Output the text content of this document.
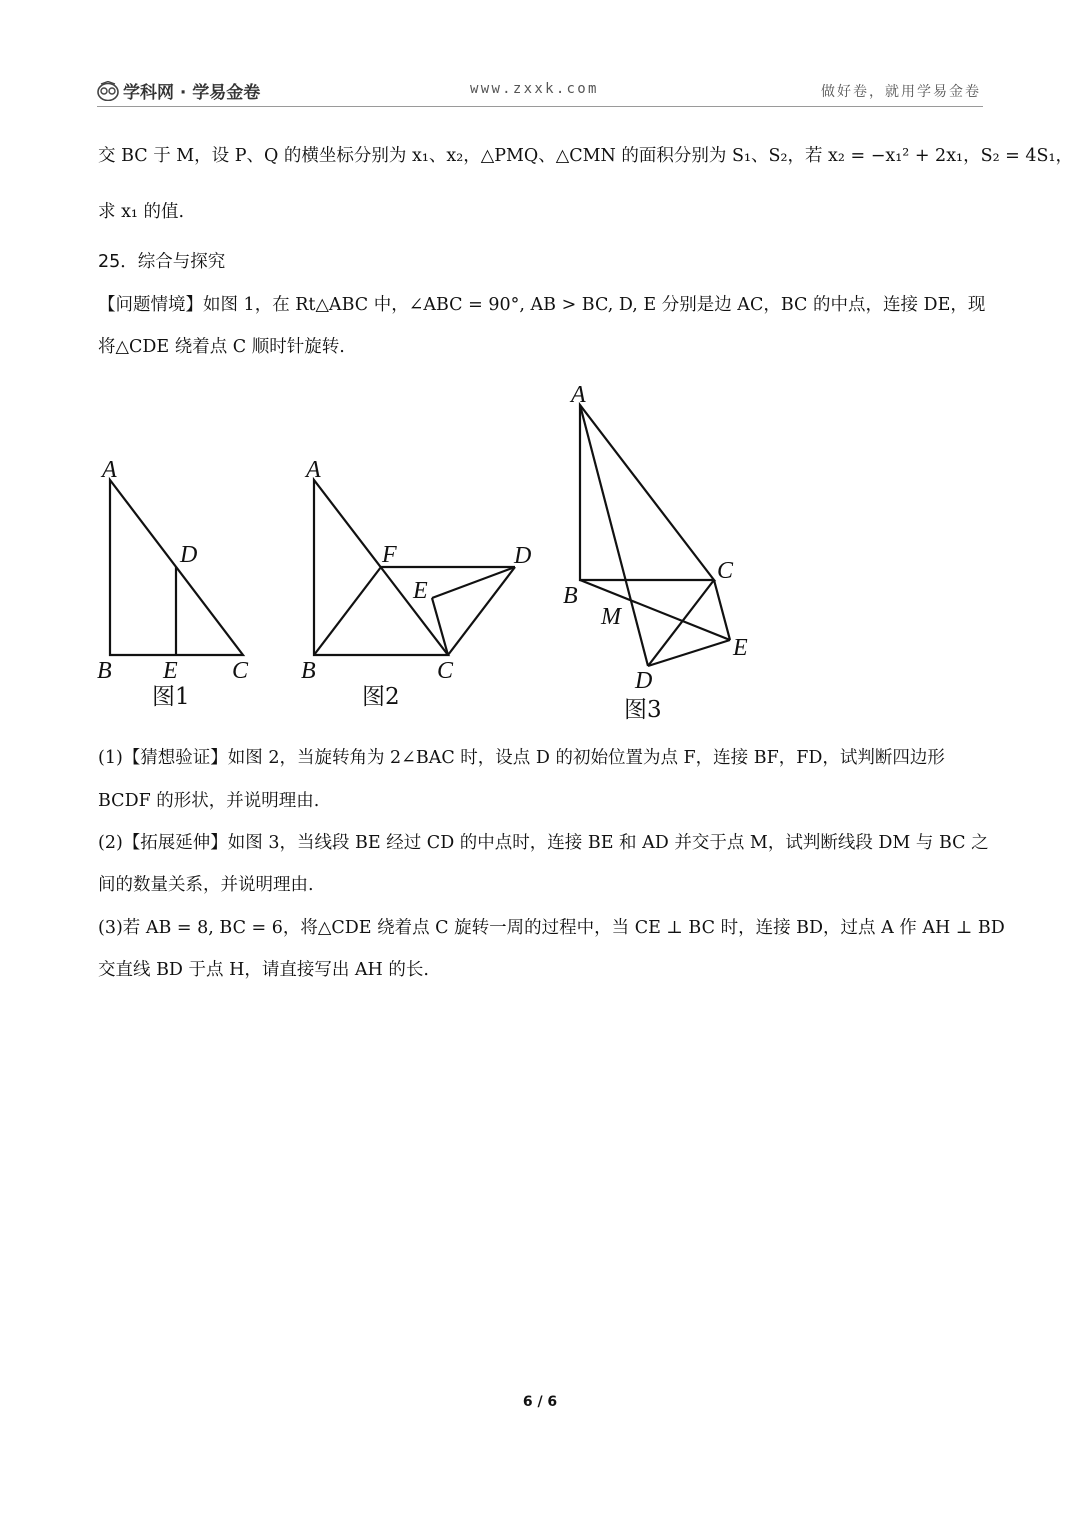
学科网 · 学易金卷	www.zxxk.com	做好卷，就用学易金卷
交 BC 于 M，设 P、Q 的横坐标分别为 x₁、x₂，△PMQ、△CMN 的面积分别为 S₁、S₂，若 x₂ = −x₁² + 2x₁，S₂ = 4S₁，
求 x₁ 的值.
25．综合与探究
【问题情境】如图 1，在 Rt△ABC 中，∠ABC = 90°, AB > BC, D, E 分别是边 AC，BC 的中点，连接 DE，现
将△CDE 绕着点 C 顺时针旋转.
A
B	C
D
E
图1
A
B	C
D
E
F
图2
A
B
C
D
E
M
图3
(1)【猜想验证】如图 2，当旋转角为 2∠BAC 时，设点 D 的初始位置为点 F，连接 BF，FD，试判断四边形
BCDF 的形状，并说明理由.
(2)【拓展延伸】如图 3，当线段 BE 经过 CD 的中点时，连接 BE 和 AD 并交于点 M，试判断线段 DM 与 BC 之
间的数量关系，并说明理由.
(3)若 AB = 8, BC = 6，将△CDE 绕着点 C 旋转一周的过程中，当 CE ⊥ BC 时，连接 BD，过点 A 作 AH ⊥ BD
交直线 BD 于点 H，请直接写出 AH 的长.
6 / 6
